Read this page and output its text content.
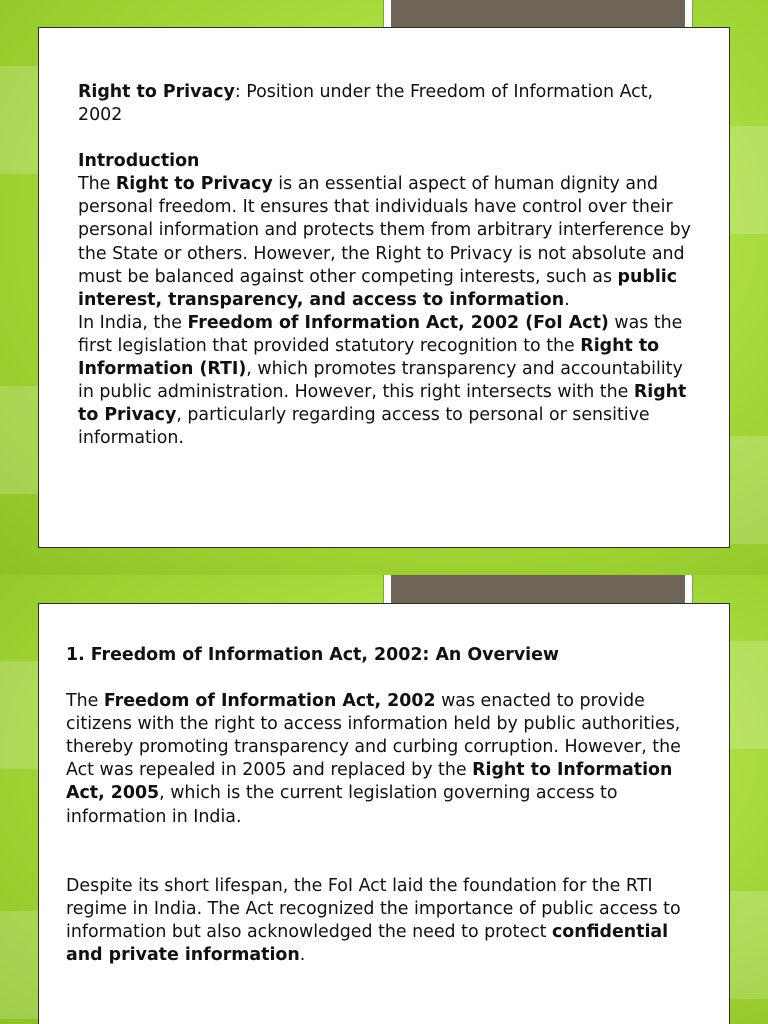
Right to Privacy: Position under the Freedom of Information Act, 2002

Introduction

The Right to Privacy is an essential aspect of human dignity and personal freedom. It ensures that individuals have control over their personal information and protects them from arbitrary interference by the State or others. However, the Right to Privacy is not absolute and must be balanced against other competing interests, such as public interest, transparency, and access to information.

In India, the Freedom of Information Act, 2002 (FoI Act) was the first legislation that provided statutory recognition to the Right to Information (RTI), which promotes transparency and accountability in public administration. However, this right intersects with the Right to Privacy, particularly regarding access to personal or sensitive information.

1. Freedom of Information Act, 2002: An Overview

The Freedom of Information Act, 2002 was enacted to provide citizens with the right to access information held by public authorities, thereby promoting transparency and curbing corruption. However, the Act was repealed in 2005 and replaced by the Right to Information Act, 2005, which is the current legislation governing access to information in India.

Despite its short lifespan, the FoI Act laid the foundation for the RTI regime in India. The Act recognized the importance of public access to information but also acknowledged the need to protect confidential and private information.
